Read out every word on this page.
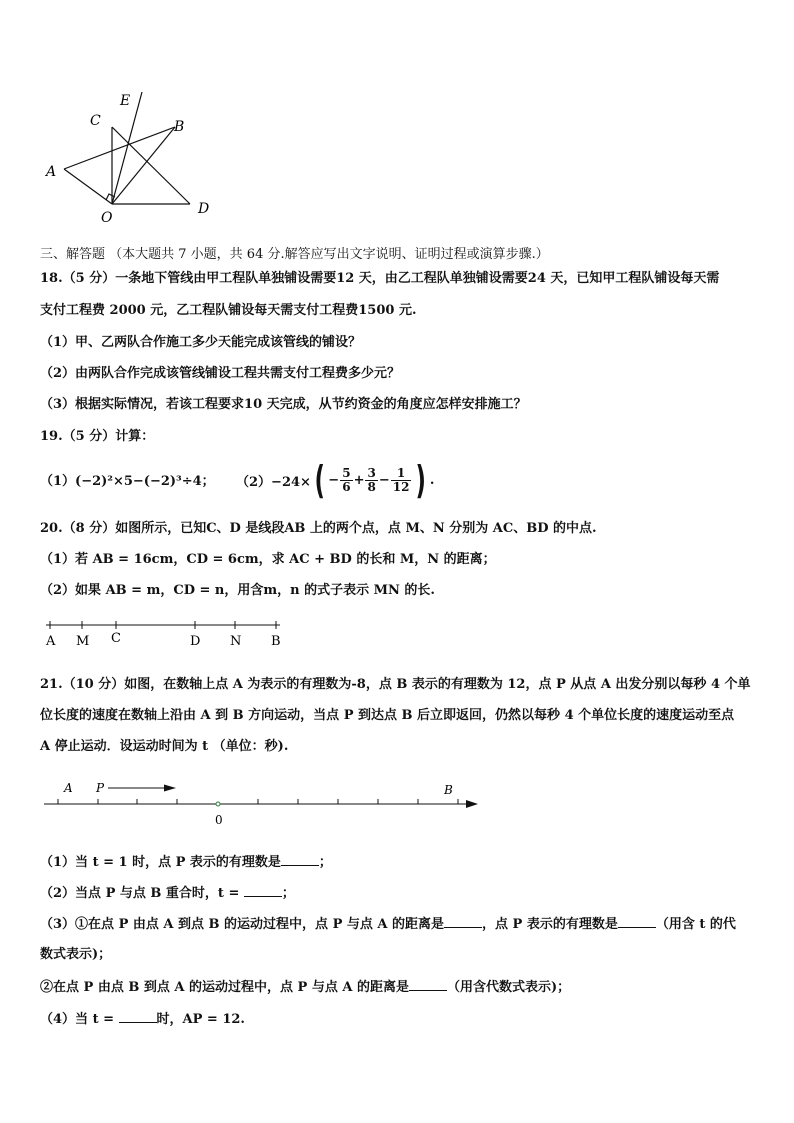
E
C	B
A
O
D
三、解答题 （本大题共 7 小题，共 64 分.解答应写出文字说明、证明过程或演算步骤.）
18.（5 分）一条地下管线由甲工程队单独铺设需要12 天，由乙工程队单独铺设需要24 天，已知甲工程队铺设每天需
支付工程费 2000 元，乙工程队铺设每天需支付工程费1500 元.
（1）甲、乙两队合作施工多少天能完成该管线的铺设？
（2）由两队合作完成该管线铺设工程共需支付工程费多少元？
（3）根据实际情况，若该工程要求10 天完成，从节约资金的角度应怎样安排施工？
19.（5 分）计算：
（1）(−2)²×5−(−2)³÷4； （2）−24× ( − $\frac{5}{6} + \frac{3}{8} - \frac{1}{12}$ ) .
20.（8 分）如图所示，已知C、D 是线段AB 上的两个点，点 M、N 分别为 AC、BD 的中点.
（1）若 AB = 16cm，CD = 6cm，求 AC + BD 的长和 M，N 的距离；
（2）如果 AB = m，CD = n，用含m，n 的式子表示 MN 的长.
A M C	D N B
21.（10 分）如图，在数轴上点 A 为表示的有理数为-8，点 B 表示的有理数为 12，点 P 从点 A 出发分别以每秒 4 个单
位长度的速度在数轴上沿由 A 到 B 方向运动，当点 P 到达点 B 后立即返回，仍然以每秒 4 个单位长度的速度运动至点
A 停止运动．设运动时间为 t （单位：秒).
A P	B
0
（1）当 t = 1 时，点 P 表示的有理数是	；
（2）当点 P 与点 B 重合时，t =	；
（3）①在点 P 由点 A 到点 B 的运动过程中，点 P 与点 A 的距离是	，点 P 表示的有理数是	（用含 t 的代
数式表示)；
②在点 P 由点 B 到点 A 的运动过程中，点 P 与点 A 的距离是	（用含代数式表示)；
（4）当 t =	时，AP = 12.
